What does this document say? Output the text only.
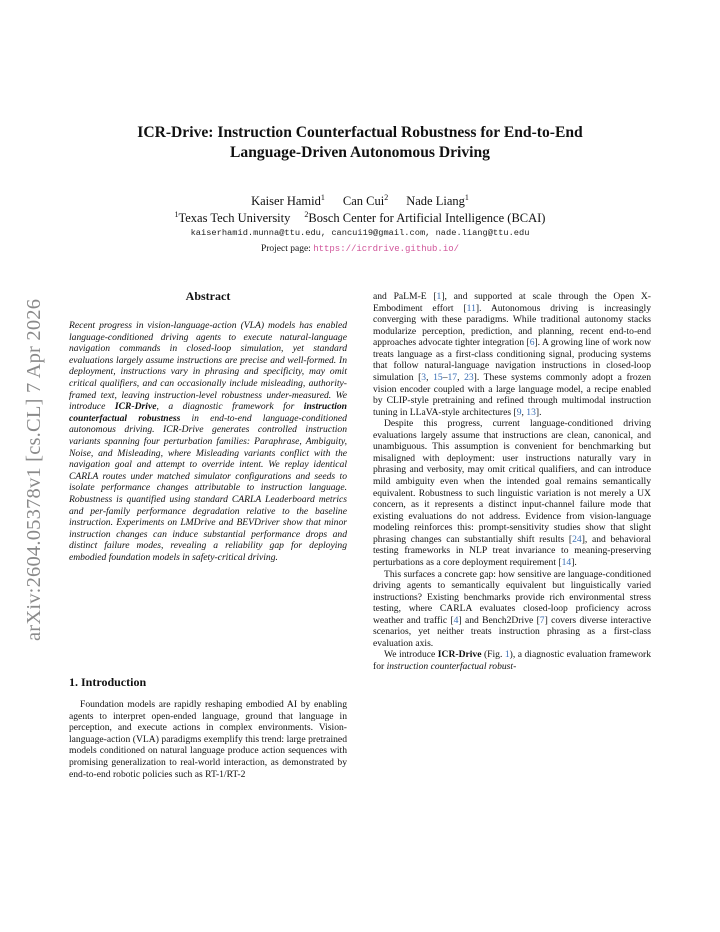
arXiv:2604.05378v1 [cs.CL] 7 Apr 2026
ICR-Drive: Instruction Counterfactual Robustness for End-to-End
Language-Driven Autonomous Driving
Kaiser Hamid$^1$ Can Cui$^2$ Nade Liang$^1$
$^1$Texas Tech University $^2$Bosch Center for Artificial Intelligence (BCAI)
kaiserhamid.munna@ttu.edu, cancui19@gmail.com, nade.liang@ttu.edu
Project page: https://icrdrive.github.io/
Abstract
Recent progress in vision-language-action (VLA) models has enabled language-conditioned driving agents to execute natural-language navigation commands in closed-loop simulation, yet standard evaluations largely assume instructions are precise and well-formed. In deployment, instructions vary in phrasing and specificity, may omit critical qualifiers, and can occasionally include misleading, authority-framed text, leaving instruction-level robustness under-measured. We introduce ICR-Drive, a diagnostic framework for instruction counterfactual robustness in end-to-end language-conditioned autonomous driving. ICR-Drive generates controlled instruction variants spanning four perturbation families: Paraphrase, Ambiguity, Noise, and Misleading, where Misleading variants conflict with the navigation goal and attempt to override intent. We replay identical CARLA routes under matched simulator configurations and seeds to isolate performance changes attributable to instruction language. Robustness is quantified using standard CARLA Leaderboard metrics and per-family performance degradation relative to the baseline instruction. Experiments on LMDrive and BEVDriver show that minor instruction changes can induce substantial performance drops and distinct failure modes, revealing a reliability gap for deploying embodied foundation models in safety-critical driving.
1. Introduction

Foundation models are rapidly reshaping embodied AI by enabling agents to interpret open-ended language, ground that language in perception, and execute actions in complex environments. Vision-language-action (VLA) paradigms exemplify this trend: large pretrained models conditioned on natural language produce action sequences with promising generalization to real-world interaction, as demonstrated by end-to-end robotic policies such as RT-1/RT-2

and PaLM-E [1], and supported at scale through the Open X-Embodiment effort [11]. Autonomous driving is increasingly converging with these paradigms. While traditional autonomy stacks modularize perception, prediction, and planning, recent end-to-end approaches advocate tighter integration [6]. A growing line of work now treats language as a first-class conditioning signal, producing systems that follow natural-language navigation instructions in closed-loop simulation [3, 15–17, 23]. These systems commonly adopt a frozen vision encoder coupled with a large language model, a recipe enabled by CLIP-style pretraining and refined through multimodal instruction tuning in LLaVA-style architectures [9, 13].

Despite this progress, current language-conditioned driving evaluations largely assume that instructions are clean, canonical, and unambiguous. This assumption is convenient for benchmarking but misaligned with deployment: user instructions naturally vary in phrasing and verbosity, may omit critical qualifiers, and can introduce mild ambiguity even when the intended goal remains semantically equivalent. Robustness to such linguistic variation is not merely a UX concern, as it represents a distinct input-channel failure mode that existing evaluations do not address. Evidence from vision-language modeling reinforces this: prompt-sensitivity studies show that slight phrasing changes can substantially shift results [24], and behavioral testing frameworks in NLP treat invariance to meaning-preserving perturbations as a core deployment requirement [14].

This surfaces a concrete gap: how sensitive are language-conditioned driving agents to semantically equivalent but linguistically varied instructions? Existing benchmarks provide rich environmental stress testing, where CARLA evaluates closed-loop proficiency across weather and traffic [4] and Bench2Drive [7] covers diverse interactive scenarios, yet neither treats instruction phrasing as a first-class evaluation axis.

We introduce ICR-Drive (Fig. 1), a diagnostic evaluation framework for instruction counterfactual robust-
